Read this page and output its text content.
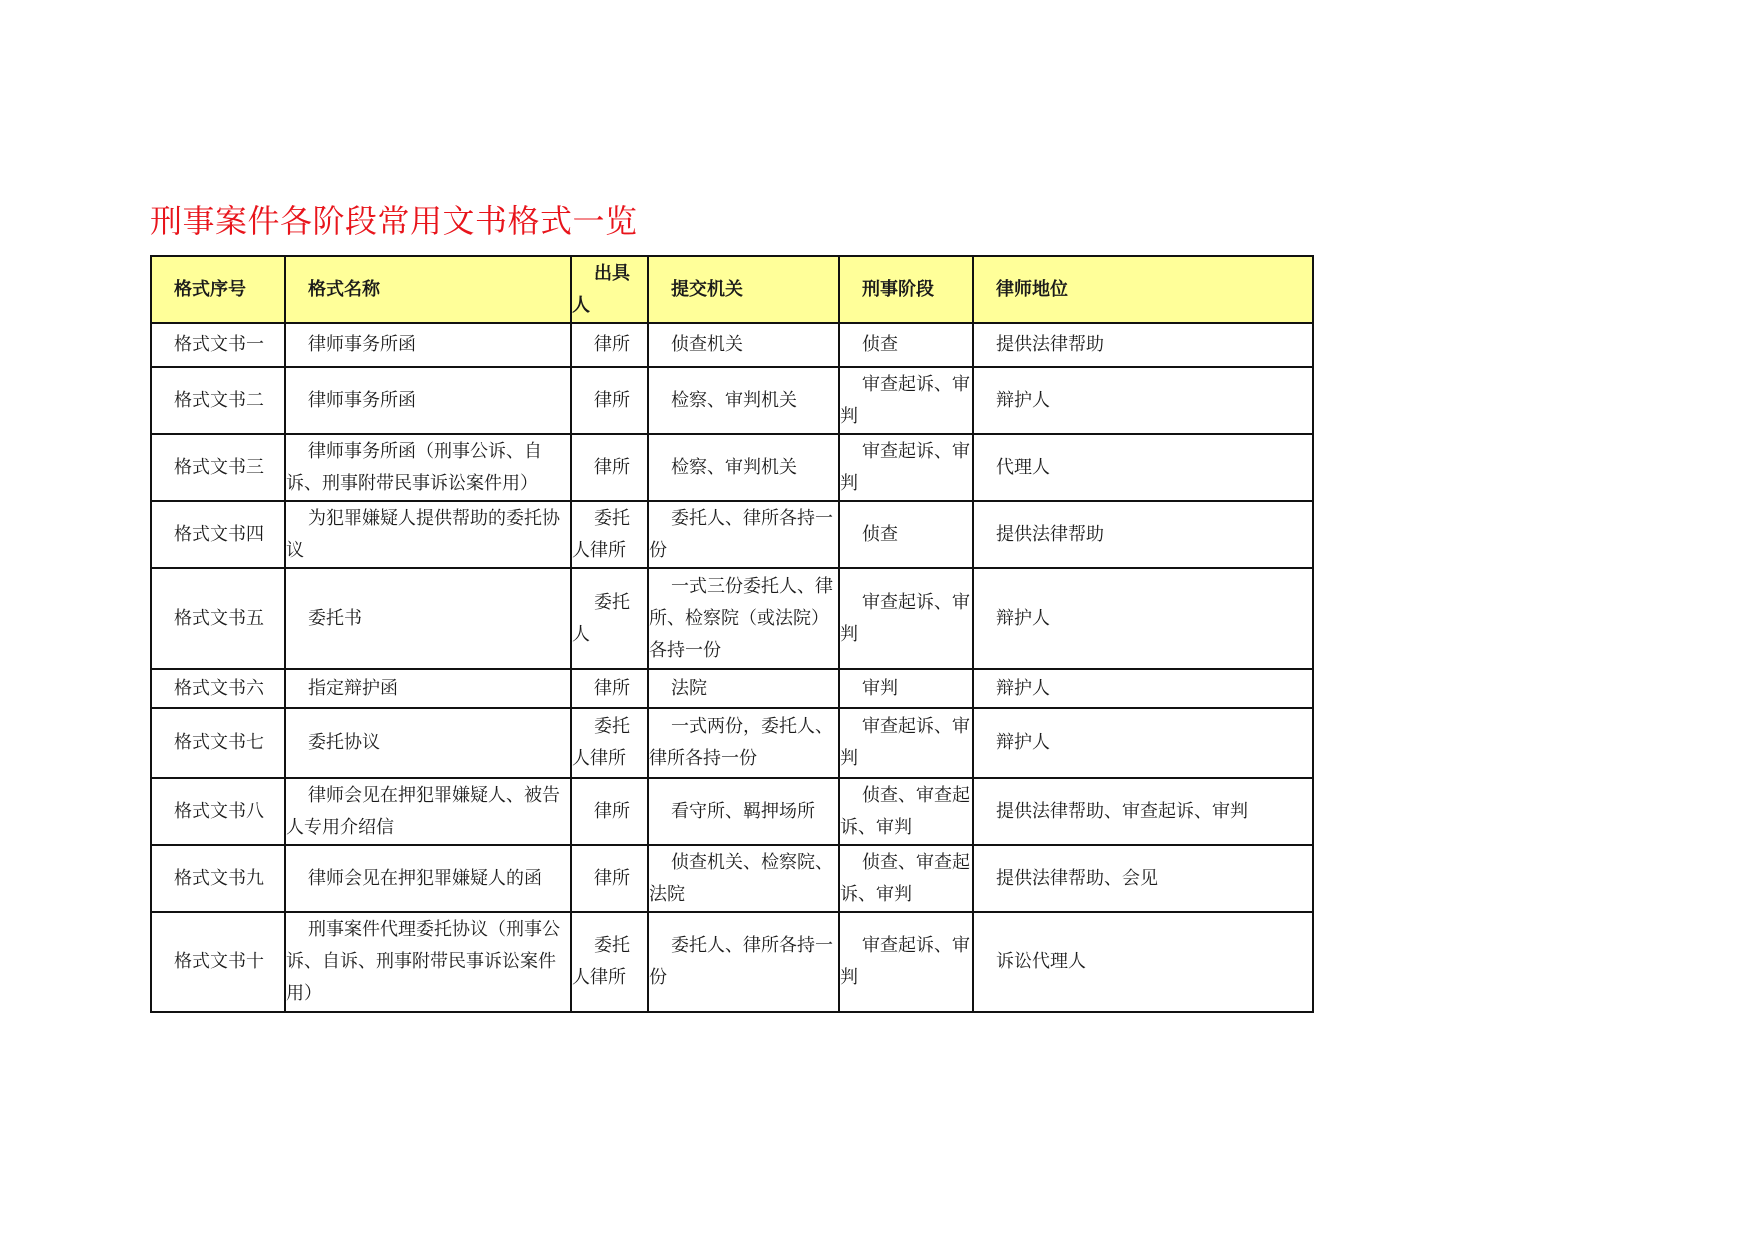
刑事案件各阶段常用文书格式一览
格式序号	格式名称	出具人	提交机关	刑事阶段	律师地位

格式文书一	律师事务所函	律所	侦查机关	侦查	提供法律帮助

格式文书二	律师事务所函	律所	检察、审判机关	审查起诉、审判	辩护人

格式文书三	律师事务所函（刑事公诉、自诉、刑事附带民事诉讼案件用）	律所	检察、审判机关	审查起诉、审判	代理人

格式文书四	为犯罪嫌疑人提供帮助的委托协议	委托人律所	委托人、律所各持一份	侦查	提供法律帮助

格式文书五	委托书	委托人	一式三份委托人、律所、检察院（或法院）各持一份	审查起诉、审判	辩护人

格式文书六	指定辩护函	律所	法院	审判	辩护人

格式文书七	委托协议	委托人律所	一式两份，委托人、律所各持一份	审查起诉、审判	辩护人

格式文书八	律师会见在押犯罪嫌疑人、被告人专用介绍信	律所	看守所、羁押场所	侦查、审查起诉、审判	提供法律帮助、审查起诉、审判

格式文书九	律师会见在押犯罪嫌疑人的函	律所	侦查机关、检察院、法院	侦查、审查起诉、审判	提供法律帮助、会见

格式文书十	刑事案件代理委托协议（刑事公诉、自诉、刑事附带民事诉讼案件用）	委托人律所	委托人、律所各持一份	审查起诉、审判	诉讼代理人
